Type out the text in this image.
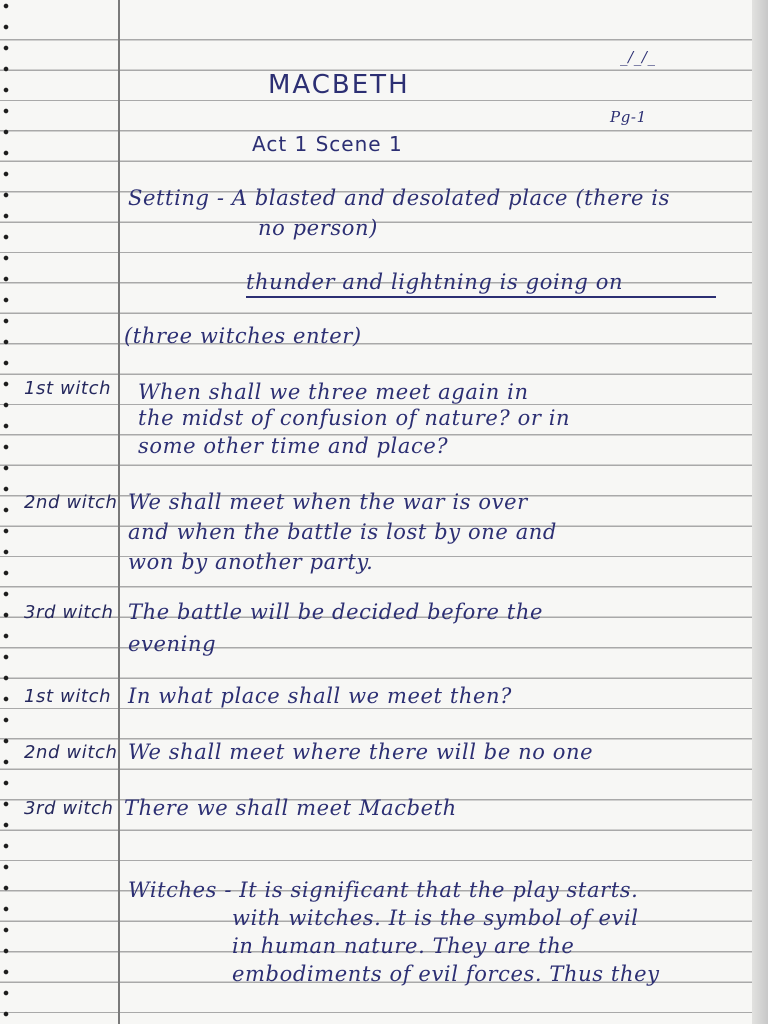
_/_/_
Pg-1
MACBETH
Act 1 Scene 1
Setting - A blasted and desolated place (there is
no person)
thunder and lightning is going on
(three witches enter)
1st witch When shall we three meet again in
the midst of confusion of nature? or in
some other time and place?
2nd witch We shall meet when the war is over
and when the battle is lost by one and
won by another party.
3rd witch The battle will be decided before the
evening
1st witch In what place shall we meet then?
2nd witch We shall meet where there will be no one
3rd witch There we shall meet Macbeth
Witches - It is significant that the play starts.
with witches. It is the symbol of evil
in human nature. They are the
embodiments of evil forces. Thus they
